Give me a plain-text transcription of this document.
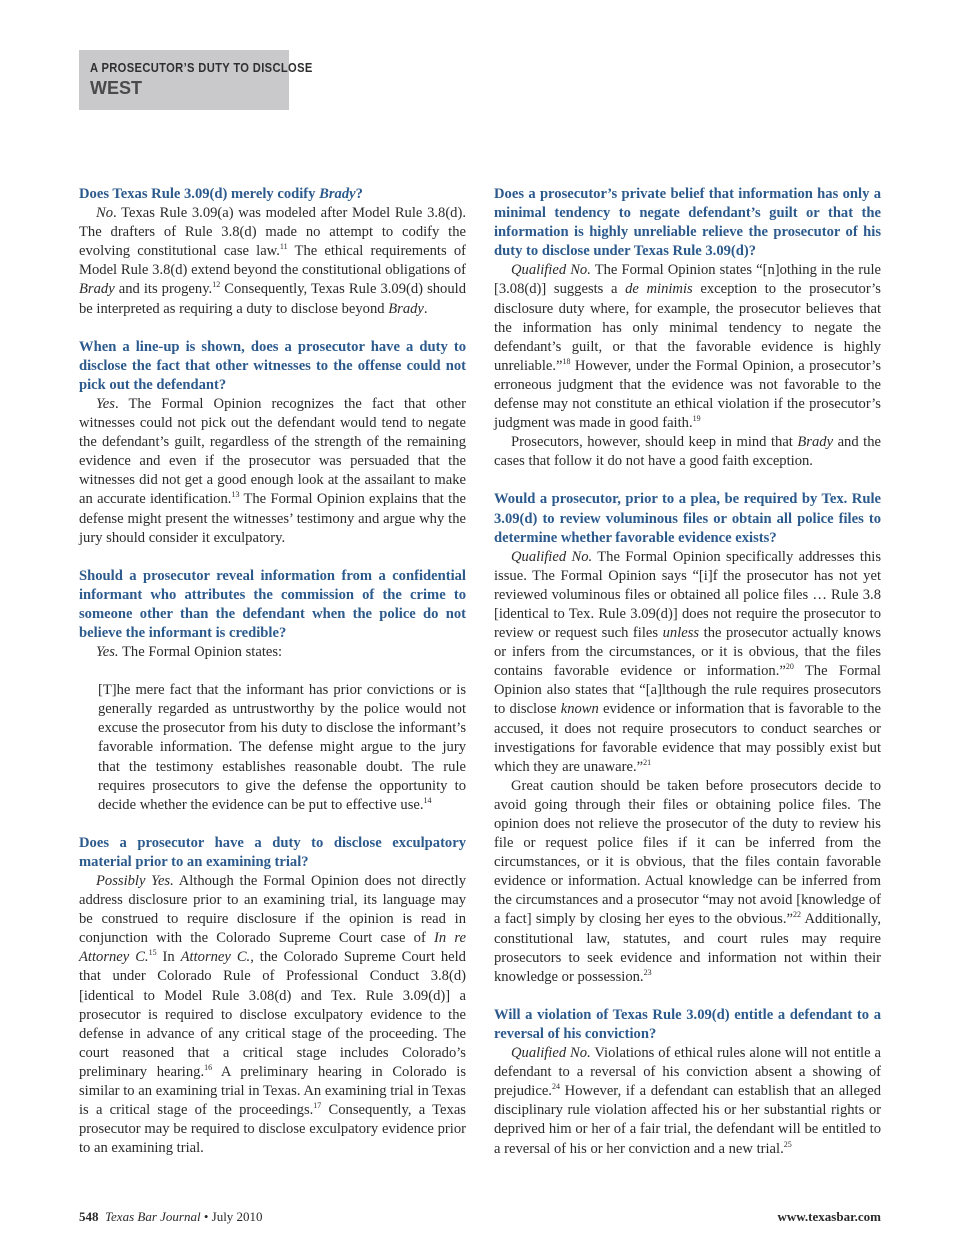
A PROSECUTOR’S DUTY TO DISCLOSE
WEST

Does Texas Rule 3.09(d) merely codify Brady?

No. Texas Rule 3.09(a) was modeled after Model Rule 3.8(d). The drafters of Rule 3.8(d) made no attempt to codify the evolving constitutional case law.$^{11}$ The ethical requirements of Model Rule 3.8(d) extend beyond the constitutional obligations of Brady and its progeny.$^{12}$ Consequently, Texas Rule 3.09(d) should be interpreted as requiring a duty to disclose beyond Brady.

When a line-up is shown, does a prosecutor have a duty to disclose the fact that other witnesses to the offense could not pick out the defendant?

Yes. The Formal Opinion recognizes the fact that other witnesses could not pick out the defendant would tend to negate the defendant’s guilt, regardless of the strength of the remaining evidence and even if the prosecutor was persuaded that the witnesses did not get a good enough look at the assailant to make an accurate identification.$^{13}$ The Formal Opinion explains that the defense might present the witnesses’ testimony and argue why the jury should consider it exculpatory.

Should a prosecutor reveal information from a confidential informant who attributes the commission of the crime to someone other than the defendant when the police do not believe the informant is credible?

Yes. The Formal Opinion states:

[T]he mere fact that the informant has prior convictions or is generally regarded as untrustworthy by the police would not excuse the prosecutor from his duty to disclose the informant’s favorable information. The defense might argue to the jury that the testimony establishes reasonable doubt. The rule requires prosecutors to give the defense the opportunity to decide whether the evidence can be put to effective use.$^{14}$

Does a prosecutor have a duty to disclose exculpatory material prior to an examining trial?

Possibly Yes. Although the Formal Opinion does not directly address disclosure prior to an examining trial, its language may be construed to require disclosure if the opinion is read in conjunction with the Colorado Supreme Court case of In re Attorney C.$^{15}$ In Attorney C., the Colorado Supreme Court held that under Colorado Rule of Professional Conduct 3.8(d) [identical to Model Rule 3.08(d) and Tex. Rule 3.09(d)] a prosecutor is required to disclose exculpatory evidence to the defense in advance of any critical stage of the proceeding. The court reasoned that a critical stage includes Colorado’s preliminary hearing.$^{16}$ A preliminary hearing in Colorado is similar to an examining trial in Texas. An examining trial in Texas is a critical stage of the proceedings.$^{17}$ Consequently, a Texas prosecutor may be required to disclose exculpatory evidence prior to an examining trial.

Does a prosecutor’s private belief that information has only a minimal tendency to negate defendant’s guilt or that the information is highly unreliable relieve the prosecutor of his duty to disclose under Texas Rule 3.09(d)?

Qualified No. The Formal Opinion states “[n]othing in the rule [3.08(d)] suggests a de minimis exception to the prosecutor’s disclosure duty where, for example, the prosecutor believes that the information has only minimal tendency to negate the defendant’s guilt, or that the favorable evidence is highly unreliable.”$^{18}$ However, under the Formal Opinion, a prosecutor’s erroneous judgment that the evidence was not favorable to the defense may not constitute an ethical violation if the prosecutor’s judgment was made in good faith.$^{19}$

Prosecutors, however, should keep in mind that Brady and the cases that follow it do not have a good faith exception.

Would a prosecutor, prior to a plea, be required by Tex. Rule 3.09(d) to review voluminous files or obtain all police files to determine whether favorable evidence exists?

Qualified No. The Formal Opinion specifically addresses this issue. The Formal Opinion says “[i]f the prosecutor has not yet reviewed voluminous files or obtained all police files … Rule 3.8 [identical to Tex. Rule 3.09(d)] does not require the prosecutor to review or request such files unless the prosecutor actually knows or infers from the circumstances, or it is obvious, that the files contains favorable evidence or information.”$^{20}$ The Formal Opinion also states that “[a]lthough the rule requires prosecutors to disclose known evidence or information that is favorable to the accused, it does not require prosecutors to conduct searches or investigations for favorable evidence that may possibly exist but which they are unaware.”$^{21}$

Great caution should be taken before prosecutors decide to avoid going through their files or obtaining police files. The opinion does not relieve the prosecutor of the duty to review his file or request police files if it can be inferred from the circumstances, or it is obvious, that the files contain favorable evidence or information. Actual knowledge can be inferred from the circumstances and a prosecutor “may not avoid [knowledge of a fact] simply by closing her eyes to the obvious.”$^{22}$ Additionally, constitutional law, statutes, and court rules may require prosecutors to seek evidence and information not within their knowledge or possession.$^{23}$

Will a violation of Texas Rule 3.09(d) entitle a defendant to a reversal of his conviction?

Qualified No. Violations of ethical rules alone will not entitle a defendant to a reversal of his conviction absent a showing of prejudice.$^{24}$ However, if a defendant can establish that an alleged disciplinary rule violation affected his or her substantial rights or deprived him or her of a fair trial, the defendant will be entitled to a reversal of his or her conviction and a new trial.$^{25}$

548 Texas Bar Journal • July 2010	www.texasbar.com
